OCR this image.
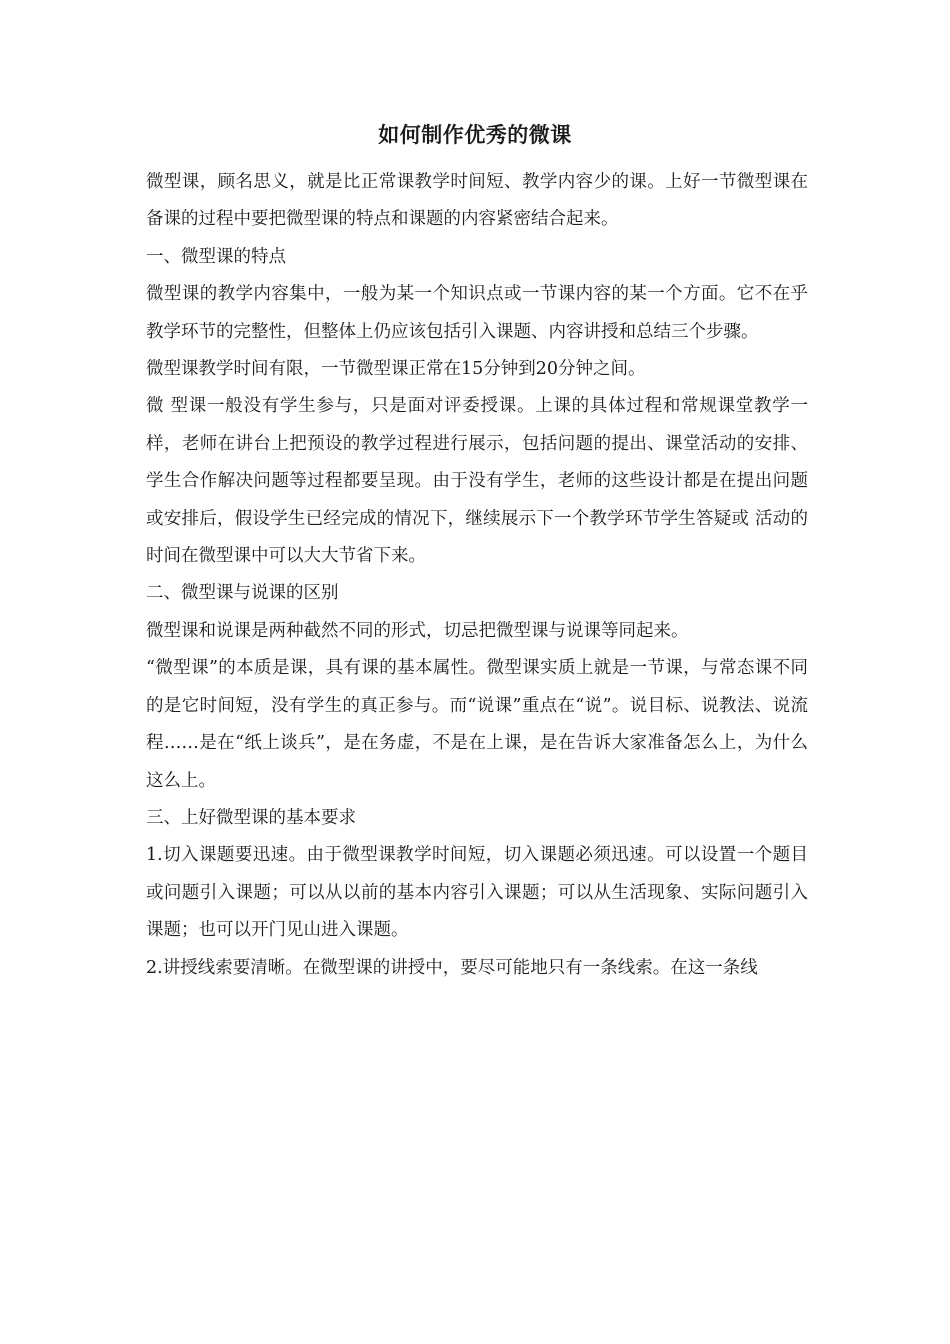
如何制作优秀的微课

微型课，顾名思义，就是比正常课教学时间短、教学内容少的课。上好一节微型课在备课的过程中要把微型课的特点和课题的内容紧密结合起来。

一、微型课的特点

微型课的教学内容集中，一般为某一个知识点或一节课内容的某一个方面。它不在乎教学环节的完整性，但整体上仍应该包括引入课题、内容讲授和总结三个步骤。

微型课教学时间有限，一节微型课正常在15分钟到20分钟之间。

微 型课一般没有学生参与，只是面对评委授课。上课的具体过程和常规课堂教学一样，老师在讲台上把预设的教学过程进行展示，包括问题的提出、课堂活动的安排、 学生合作解决问题等过程都要呈现。由于没有学生，老师的这些设计都是在提出问题或安排后，假设学生已经完成的情况下，继续展示下一个教学环节学生答疑或 活动的时间在微型课中可以大大节省下来。

二、微型课与说课的区别

微型课和说课是两种截然不同的形式，切忌把微型课与说课等同起来。

“微型课”的本质是课，具有课的基本属性。微型课实质上就是一节课，与常态课不同的是它时间短，没有学生的真正参与。而“说课”重点在“说”。说目标、说教法、说流程……是在“纸上谈兵”，是在务虚，不是在上课，是在告诉大家准备怎么上，为什么这么上。

三、上好微型课的基本要求

1.切入课题要迅速。由于微型课教学时间短，切入课题必须迅速。可以设置一个题目或问题引入课题；可以从以前的基本内容引入课题；可以从生活现象、实际问题引入课题；也可以开门见山进入课题。

2.讲授线索要清晰。在微型课的讲授中，要尽可能地只有一条线索。在这一条线
